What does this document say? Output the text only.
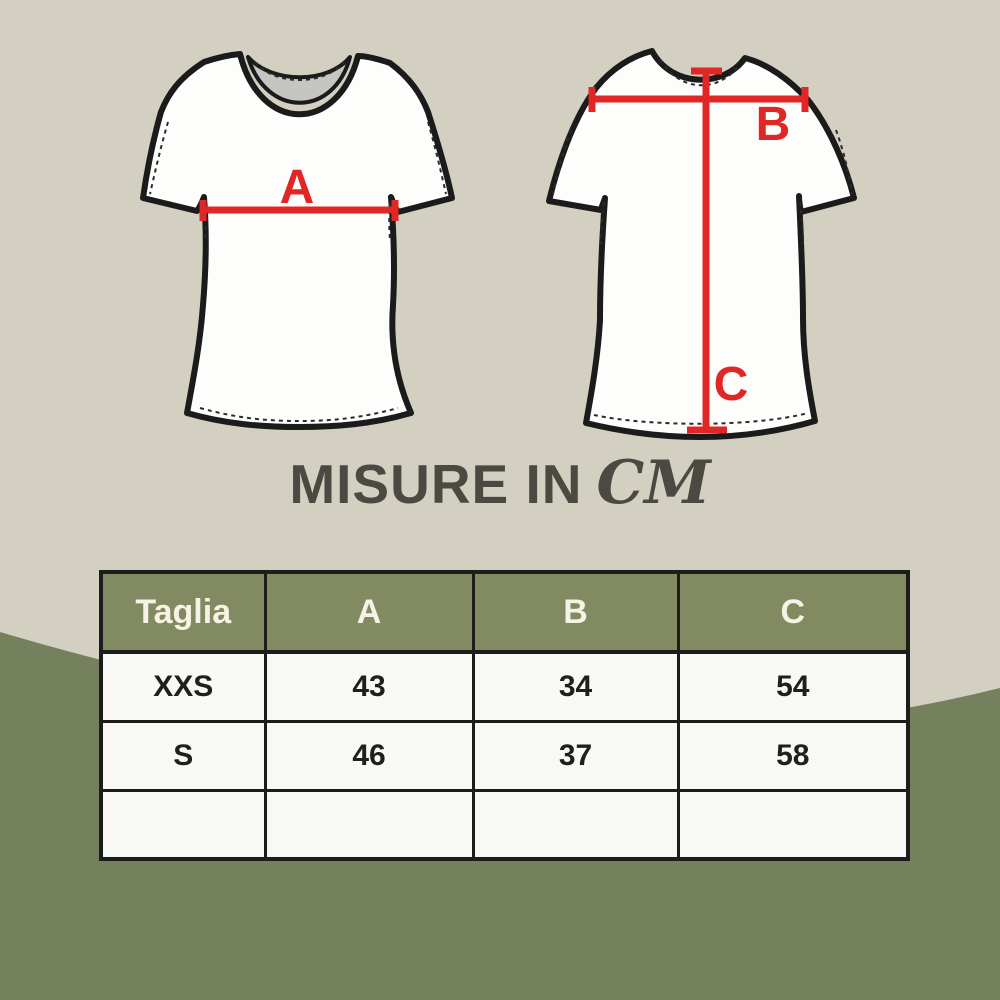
A
B
C
MISURE IN CM
Taglia	A	B	C
XXS	43	34	54
S	46	37	58
